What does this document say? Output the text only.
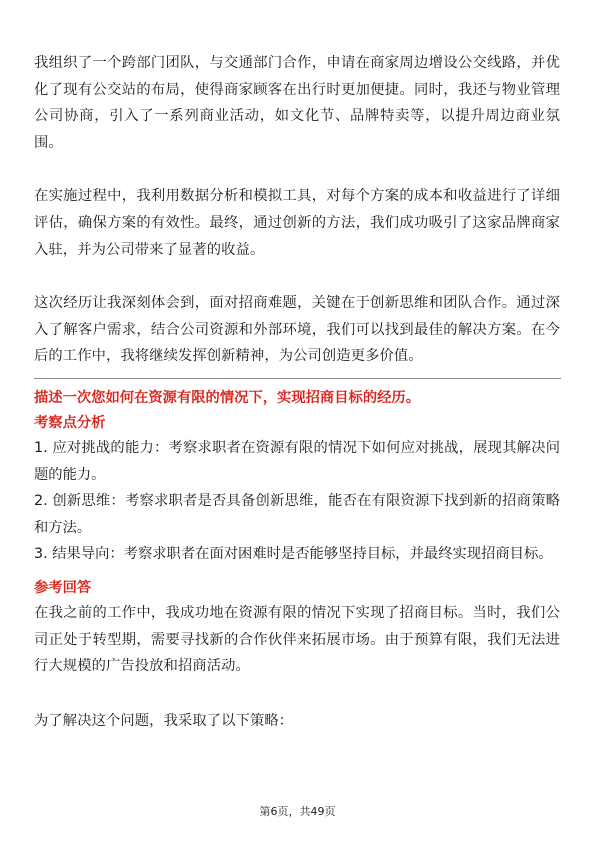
我组织了一个跨部门团队，与交通部门合作，申请在商家周边增设公交线路，并优化了现有公交站的布局，使得商家顾客在出行时更加便捷。同时，我还与物业管理公司协商，引入了一系列商业活动，如文化节、品牌特卖等，以提升周边商业氛围。

在实施过程中，我利用数据分析和模拟工具，对每个方案的成本和收益进行了详细评估，确保方案的有效性。最终，通过创新的方法，我们成功吸引了这家品牌商家入驻，并为公司带来了显著的收益。

这次经历让我深刻体会到，面对招商难题，关键在于创新思维和团队合作。通过深入了解客户需求，结合公司资源和外部环境，我们可以找到最佳的解决方案。在今后的工作中，我将继续发挥创新精神，为公司创造更多价值。

描述一次您如何在资源有限的情况下，实现招商目标的经历。

考察点分析

1. 应对挑战的能力：考察求职者在资源有限的情况下如何应对挑战，展现其解决问题的能力。

2. 创新思维：考察求职者是否具备创新思维，能否在有限资源下找到新的招商策略和方法。

3. 结果导向：考察求职者在面对困难时是否能够坚持目标，并最终实现招商目标。

参考回答

在我之前的工作中，我成功地在资源有限的情况下实现了招商目标。当时，我们公司正处于转型期，需要寻找新的合作伙伴来拓展市场。由于预算有限，我们无法进行大规模的广告投放和招商活动。

为了解决这个问题，我采取了以下策略：

第6页，共49页
